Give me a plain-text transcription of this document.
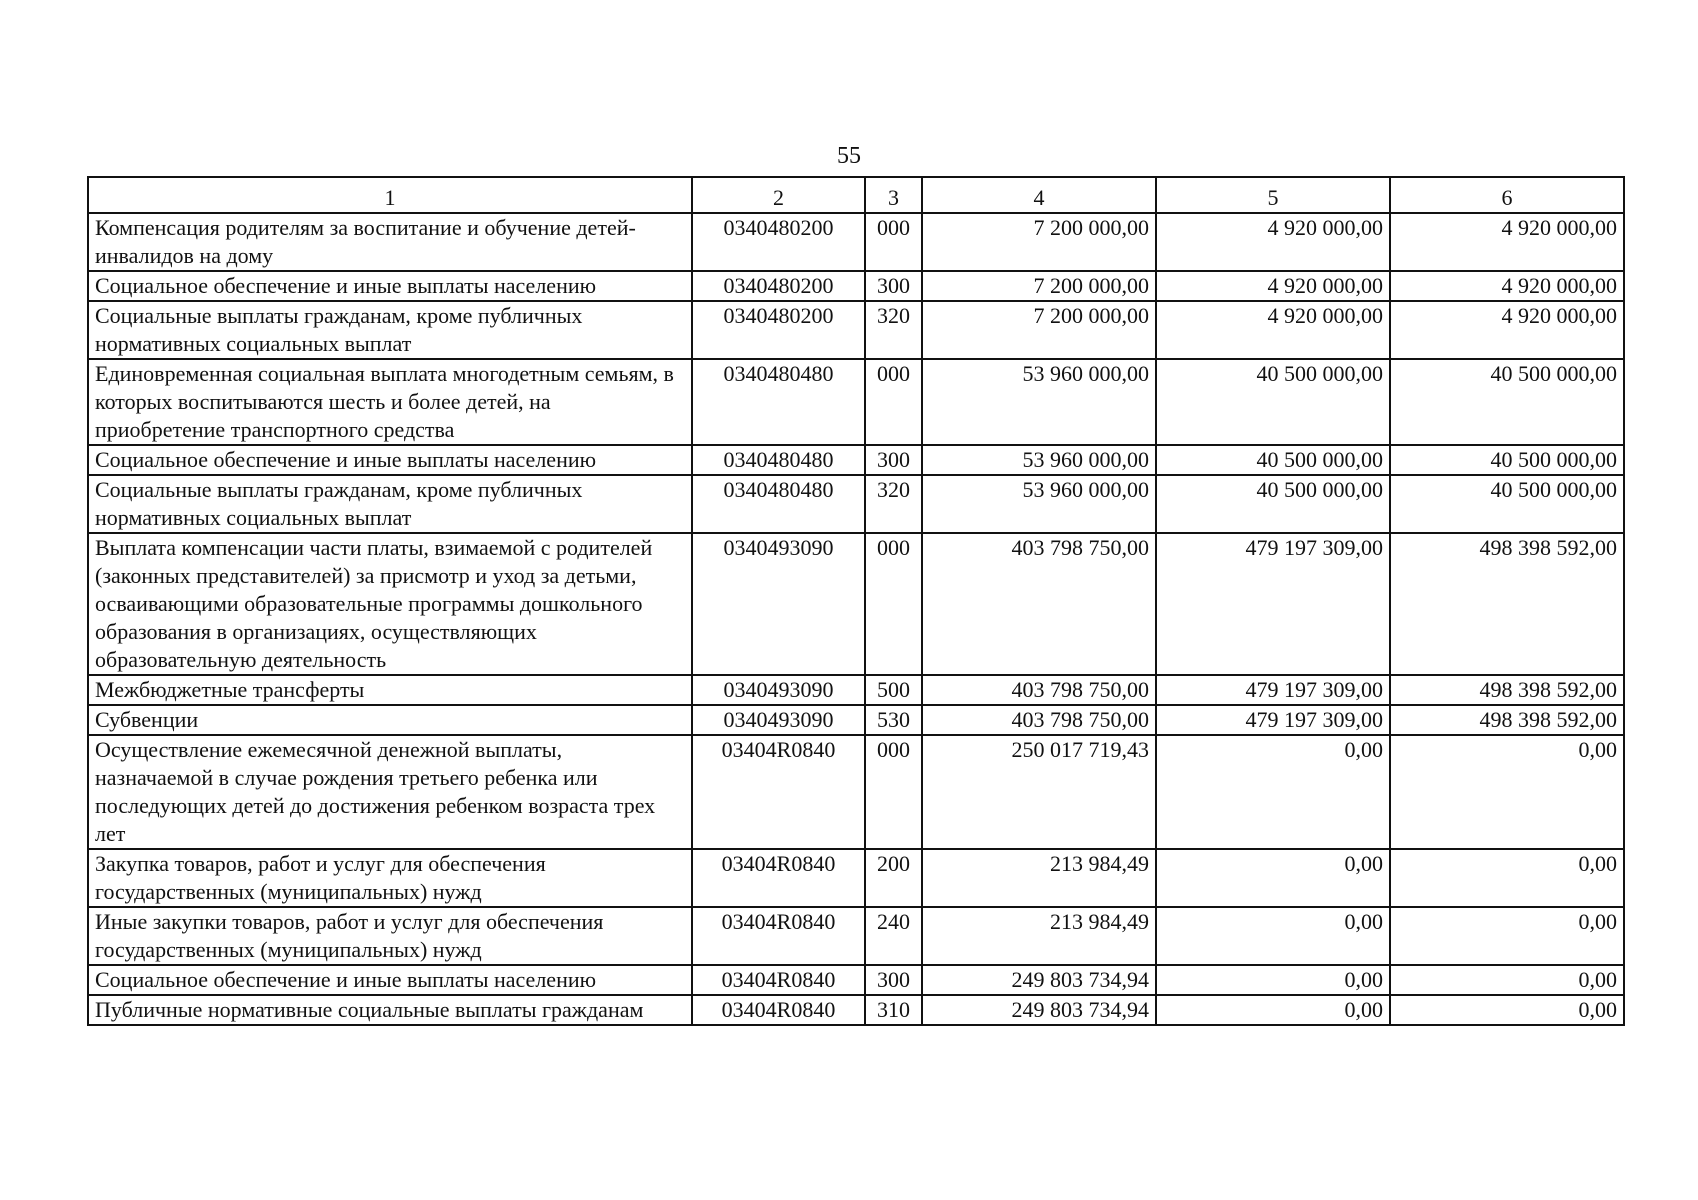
55
1	2	3	4	5	6
Компенсация родителям за воспитание и обучение детей-инвалидов на дому	0340480200	000	7 200 000,00	4 920 000,00	4 920 000,00
Социальное обеспечение и иные выплаты населению	0340480200	300	7 200 000,00	4 920 000,00	4 920 000,00
Социальные выплаты гражданам, кроме публичных нормативных социальных выплат	0340480200	320	7 200 000,00	4 920 000,00	4 920 000,00
Единовременная социальная выплата многодетным семьям, в которых воспитываются шесть и более детей, на приобретение транспортного средства	0340480480	000	53 960 000,00	40 500 000,00	40 500 000,00
Социальное обеспечение и иные выплаты населению	0340480480	300	53 960 000,00	40 500 000,00	40 500 000,00
Социальные выплаты гражданам, кроме публичных нормативных социальных выплат	0340480480	320	53 960 000,00	40 500 000,00	40 500 000,00
Выплата компенсации части платы, взимаемой с родителей (законных представителей) за присмотр и уход за детьми, осваивающими образовательные программы дошкольного образования в организациях, осуществляющих образовательную деятельность	0340493090	000	403 798 750,00	479 197 309,00	498 398 592,00
Межбюджетные трансферты	0340493090	500	403 798 750,00	479 197 309,00	498 398 592,00
Субвенции	0340493090	530	403 798 750,00	479 197 309,00	498 398 592,00
Осуществление ежемесячной денежной выплаты, назначаемой в случае рождения третьего ребенка или последующих детей до достижения ребенком возраста трех лет	03404R0840	000	250 017 719,43	0,00	0,00
Закупка товаров, работ и услуг для обеспечения государственных (муниципальных) нужд	03404R0840	200	213 984,49	0,00	0,00
Иные закупки товаров, работ и услуг для обеспечения государственных (муниципальных) нужд	03404R0840	240	213 984,49	0,00	0,00
Социальное обеспечение и иные выплаты населению	03404R0840	300	249 803 734,94	0,00	0,00
Публичные нормативные социальные выплаты гражданам	03404R0840	310	249 803 734,94	0,00	0,00
